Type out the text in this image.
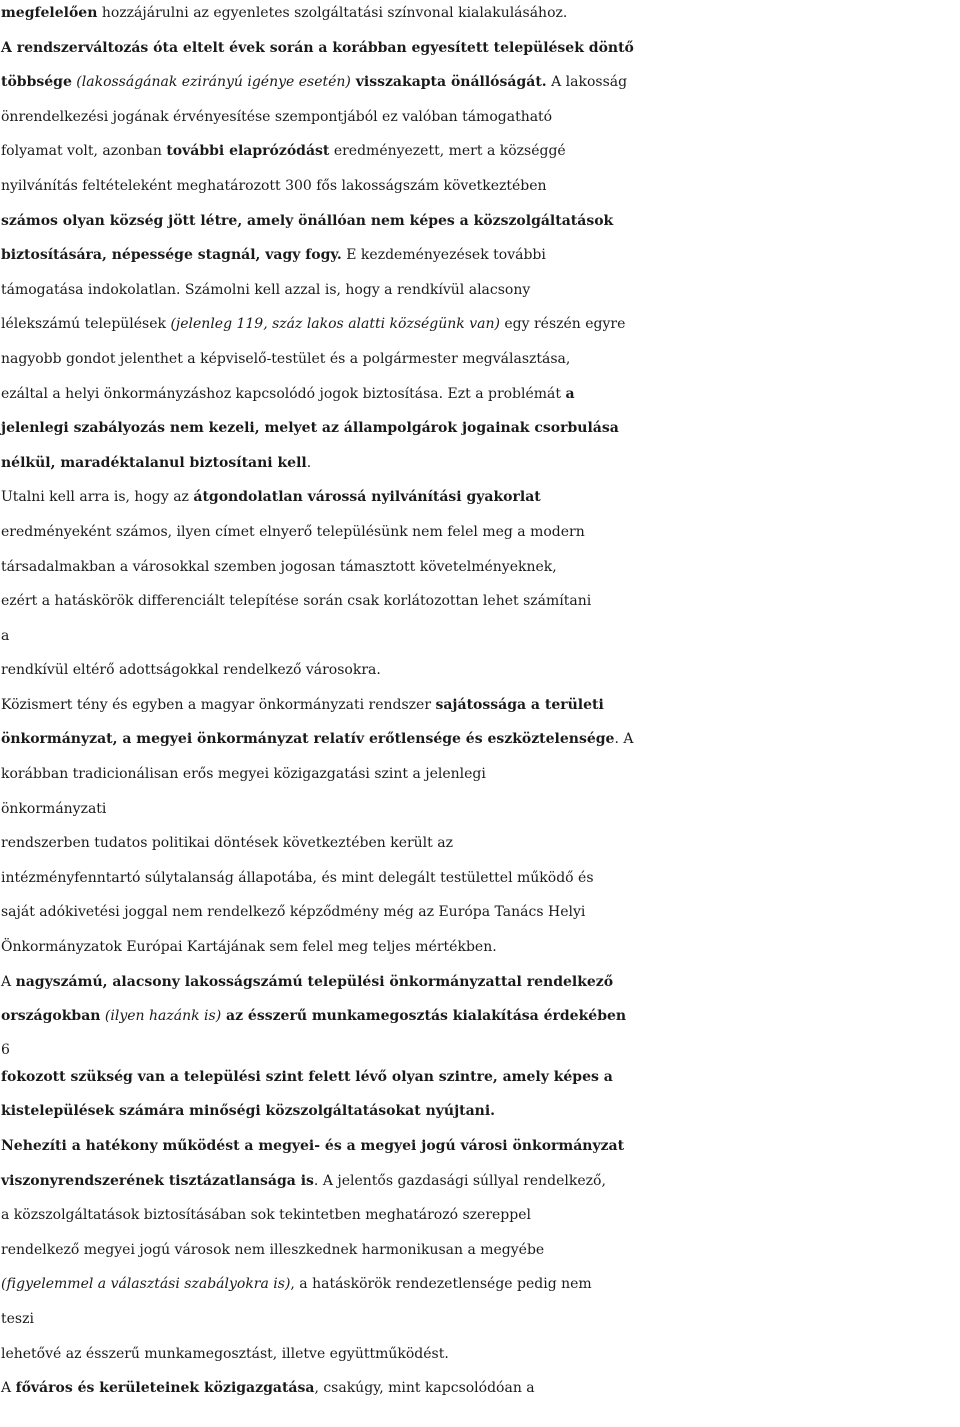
megfelelően hozzájárulni az egyenletes szolgáltatási színvonal kialakulásához.
A rendszerváltozás óta eltelt évek során a korábban egyesített települések döntő
többsége (lakosságának ezirányú igénye esetén) visszakapta önállóságát. A lakosság
önrendelkezési jogának érvényesítése szempontjából ez valóban támogatható
folyamat volt, azonban további elaprózódást eredményezett, mert a községgé
nyilvánítás feltételeként meghatározott 300 fős lakosságszám következtében
számos olyan község jött létre, amely önállóan nem képes a közszolgáltatások
biztosítására, népessége stagnál, vagy fogy. E kezdeményezések további
támogatása indokolatlan. Számolni kell azzal is, hogy a rendkívül alacsony
lélekszámú települések (jelenleg 119, száz lakos alatti községünk van) egy részén egyre
nagyobb gondot jelenthet a képviselő-testület és a polgármester megválasztása,
ezáltal a helyi önkormányzáshoz kapcsolódó jogok biztosítása. Ezt a problémát a
jelenlegi szabályozás nem kezeli, melyet az állampolgárok jogainak csorbulása
nélkül, maradéktalanul biztosítani kell.
Utalni kell arra is, hogy az átgondolatlan várossá nyilvánítási gyakorlat
eredményeként számos, ilyen címet elnyerő településünk nem felel meg a modern
társadalmakban a városokkal szemben jogosan támasztott követelményeknek,
ezért a hatáskörök differenciált telepítése során csak korlátozottan lehet számítani
a
rendkívül eltérő adottságokkal rendelkező városokra.
Közismert tény és egyben a magyar önkormányzati rendszer sajátossága a területi
önkormányzat, a megyei önkormányzat relatív erőtlensége és eszköztelensége. A
korábban tradicionálisan erős megyei közigazgatási szint a jelenlegi
önkormányzati
rendszerben tudatos politikai döntések következtében került az
intézményfenntartó súlytalanság állapotába, és mint delegált testülettel működő és
saját adókivetési joggal nem rendelkező képződmény még az Európa Tanács Helyi
Önkormányzatok Európai Kartájának sem felel meg teljes mértékben.
A nagyszámú, alacsony lakosságszámú települési önkormányzattal rendelkező
országokban (ilyen hazánk is) az ésszerű munkamegosztás kialakítása érdekében
6
fokozott szükség van a települési szint felett lévő olyan szintre, amely képes a
kistelepülések számára minőségi közszolgáltatásokat nyújtani.
Nehezíti a hatékony működést a megyei- és a megyei jogú városi önkormányzat
viszonyrendszerének tisztázatlansága is. A jelentős gazdasági súllyal rendelkező,
a közszolgáltatások biztosításában sok tekintetben meghatározó szereppel
rendelkező megyei jogú városok nem illeszkednek harmonikusan a megyébe
(figyelemmel a választási szabályokra is), a hatáskörök rendezetlensége pedig nem
teszi
lehetővé az ésszerű munkamegosztást, illetve együttműködést.
A főváros és kerületeinek közigazgatása, csakúgy, mint kapcsolódóan a
